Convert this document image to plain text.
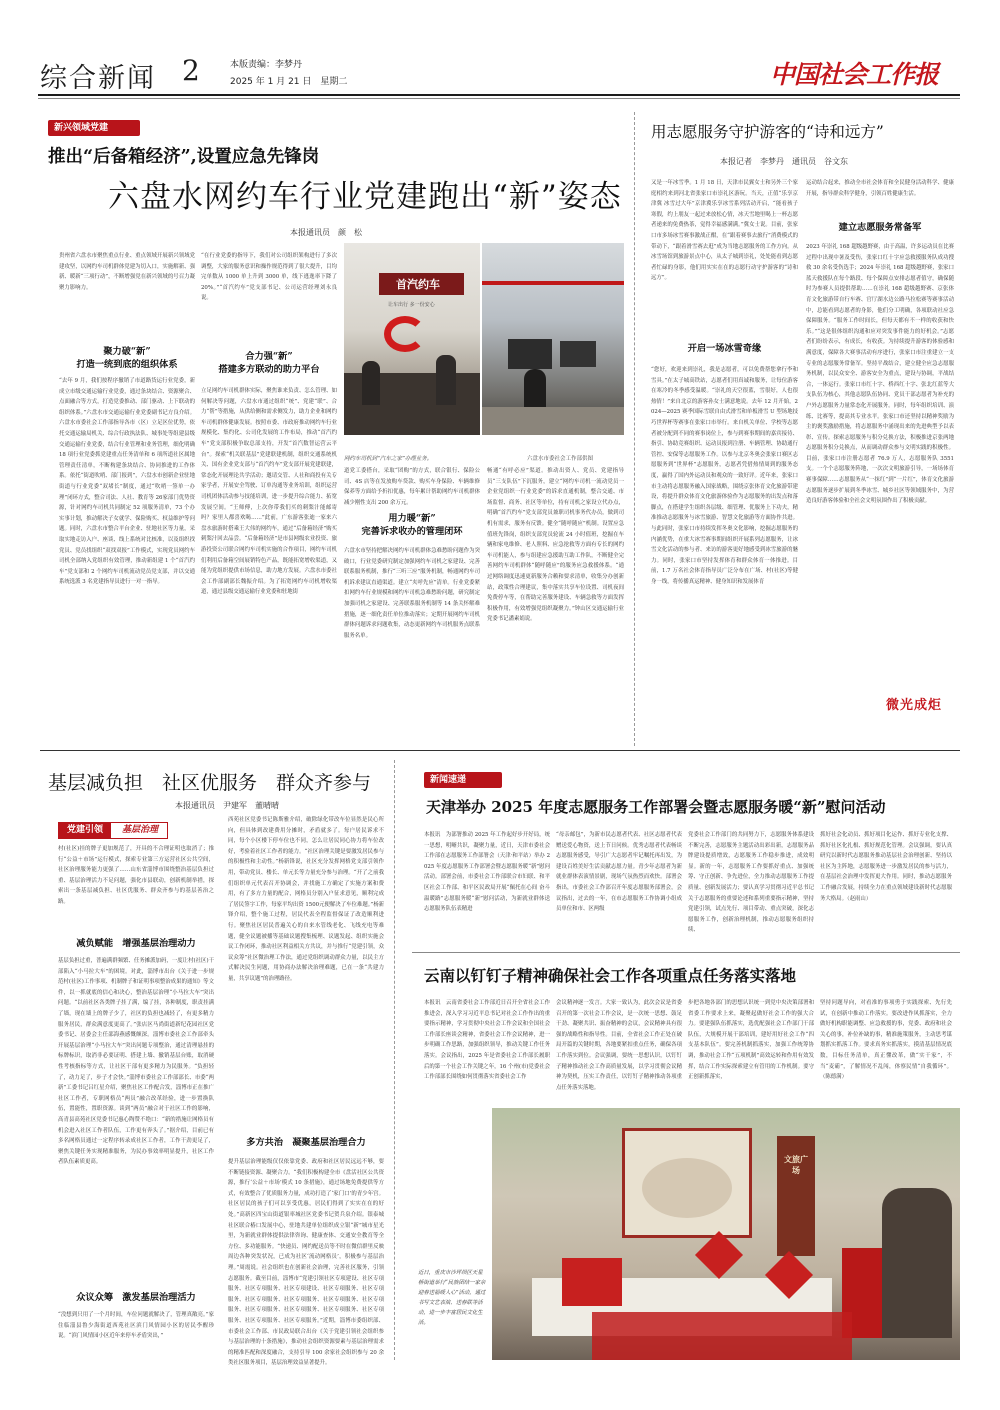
综合新闻 2	本版责编：李梦丹
2025 年 1 月 21 日　星期二	中国社会工作报
新兴领域党建
推出“后备箱经济”,设置应急先锋岗
六盘水网约车行业党建跑出“新”姿态
本报通讯员　颜　松

贵州省六盘水市聚焦重点行业、重点领域开展新兴领域党建攻坚，以网约车司机群体党建为切入口，实施解新、强新、暖新“三项行动”，不断增强党在新兴领域的号召力凝聚力影响力。

聚力破“新”
打造一统到底的组织体系

“去年 9 月，我们按程序撤销了市道路货运行业党委，新成立市级交通运输行业党委，通过条块结合、资源聚合、点面融合等方式，打造党委推动、部门驱动、上下联动的组织体系。”六盘水市交通运输行业党委副书记方良介绍。六盘水市委社会工作部指导各市（区）立足区位优势，依托交通运输局机关、综合行政执法队、城事处等组建县级交通运输行业党委，结合行业管理和业务管理，细化明确 18 项行业党委抓党建重点任务清单和 6 项所道社区属地管理责任清单，不断构建条块结合、协同推进的工作体系。依托“街道吹哨、部门报到”，六盘水市创新企业驻地街道与行业党委“双堵长”制度，通过“吹哨一签单一办理”闭环方式，整合司法、人社、教育等 26家部门优势资源，针对网约车司机共同制定 52 项服务清单，73 个办实事计划，推动解决子女就学、保险购买、权益维护等问题。同时，六盘水市整合平台企业、驻地社区等力量，采取实地走访入户、座谈、线上系统对比核准，以及组织找党员、党员找组织“双找双报”工作模式，实现党员网约车司机全部纳入党组织有效管理，推动新组建 1 个“首汽约车”党支部和 2 个网约车司机流动党员党支部，并以交通系统选派 3 名党建指导员进行一对一指导。

“在行业党委的指导下，我们对公司组织架构进行了多次调整，大家的服务意识和操作规范得到了很大提升，目均完单数从 1000 单上升到 3000 单，线下逃逸率下降了 20%。”“首汽约车”党支部书记、公司运营经理刘永良说。

合力强“新”
搭建多方联动的助力平台

立足网约车司机群体实际，聚焦谁来负责、怎么管理、如何解决等问题，六盘水市通过组织“统”、党建“联”、合力“帮”等措施，从供给侧和需求侧发力，助力企业和网约车司机群体健康发展。按照市委、市政府推动网约车行业规模化、集约化、公司化发展的工作布局，推动“首汽约车”党支部积极争取总部支持，开发“首汽数智运营云平台”。探索“机关联基层”党建联建机制，组织交通系统机关、国有企业党支部与“首汽约车”党支部开展党建联建，常态化开展理论共学活动；邀请交管、人社和商投有关专家学者，开展安全驾驶、订单沟通等业务培训，组织运营司机团体活动参与技能培训，进一步提升综合能力、拓宽发展空间。“王师傅，上次你带我们买的刺梨汁能邮寄吗？家里人都喜欢喝……”此前，广东游客张迪一家来六盘水旅游时搭乘王大伟的网约车，通过“后备箱经济”购买刺梨汁回去品尝。“后备箱经济”是市县网级农业投资、旅游投资公司联合网约车司机实施的合作项目，网约车司机们利用后备箱空间展销特色产品，既能拓宽增收渠道，又能为党组织提供市场信息，助力地方发展。六盘水市委社会工作部副部长魏振介绍。为了拓宽网约车司机增收渠道，通过县级交通运输行业党委和驻地街

首汽约车
让车出行 多一份安心

网约车司机到“汽车之家”办理业务。	六盘水市委社会工作部供图

道党工委搭台，采取“团购”的方式，联合银行、保险公司、4S 店等在发放购车贷款、购买车身保险、车辆维修保养等方面给予折扣优惠，每年累计帮助网约车司机群体减少刚性支出 200 余万元。

用力暖“新”
完善诉求收办的管理闭环

六盘水市坚持把解决网约车司机群体急难愁盼问题作为突破口，行业党委研究制定加强网约车司机之家建设、完善联系服务机制，推行“三听三应”服务机制，畅通网约车司机诉求建议直通渠道。建立“夹呼先应”清单。行业党委紧扣网约车行业规模和网约车司机急难愁盼问题，研究制定加强司机之家建设、完善联系服务机制等 14 条关怀解难措施，逐一细化责任单位推动落实；定期开展网约车司机群体问题诉求问题收集，动态更新网约车司机服务点联系服务名单。

畅通“有呼必应”渠道。推动出资人、党员、党建指导员“三支队伍”下沉服务，建立“网约车司机一流动党员一企业党组织一行业党委”的诉求直通机制，整合交通、市场监督、商务、社区等单位，持有司机之家设立代办点，明确“首汽约车”党支部党员兼职司机事务代办员，做到司机有需求，服务有反馈。健全“随呼随应”机制。设置应急值班先锋岗，组织支部党员轮流 24 小时值班，挖掘在车辆和家电维修、老人照料、应急抢救等方面有专长的网约车司机能人，参与组建应急援助互助工作队，不断健全完善网约车司机群体“随呼随应”的服务应急救援体系。“通过网络调度迅速更新服务合赖和要求清单，收集分办创新站，政策性合理建议，集中落实共享车位设置、司机夜间免费停车等，在帮助完善服务建设、车辆急救等方面发挥积极作用，有效增强党组织凝聚力。”钟山区交通运输行业党委书记潘素娟说。

用志愿服务守护游客的“诗和远方”
本报记者　李梦丹　通讯员　谷文东

又是一年冰雪季。1 月 18 日，天津市民翼女士和另外三个家庭相约来到河北省张家口市崇礼区游玩。当天，正值“乐享京津冀 冰雪过大年”京津冀乐享冰雪系列活动开启，“能看孩子寒假，约上朋友一起过来放松心情，冰天雪地里喝上一杯志愿者递来的免费热茶，觉得幸福感满满。”冀女士说。目前，张家口市多场冰雪赛事激战正酣，在“跟着赛事去旅行”消费模式的带动下，“跟着滑雪赛去逛”成为当地志愿服务的工作方向。从冰雪场馆到旅游景点中心，从太子城到崇礼，处处能看到志愿者忙碌的身影，他们用实实在在的志愿行动守护游客的“诗和远方”。

开启一场冰雪奇缘

“您好，欢迎来到崇礼，我是志愿者，可以免费帮您拿行李和雪具。”在太子城高铁站，志愿者们用真诚和服务，让每位游客在寒冷的冬季感受温暖。“崇礼的天空很蓝，雪很好，人也很热情！”来自北京的游客孙女士满意地说。去年 12 月开始，2024—2025 赛季国际雪联自由式滑雪和单板滑雪 U 型场地技巧世界杯等赛事在张家口市举行。来自机关单位、学校等志愿者被分配到不同的赛事岗位上，参与到赛事期间的嘉宾接待、指引、协助竞赛组织、运动员报到注册、车辆管理、协助通行管控、安保等志愿服务工作。以参与北京冬奥会张家口赛区志愿服务到“世界杯”志愿服务，志愿者凭借热情周到的服务态度，赢得了国内外运动员和观众的一致好评。近年来，张家口市主动将志愿服务融入国家战略，围绕京张体育文化旅游带建设，将提升群众体育文化旅游体验作为志愿服务的出发点和落脚点，在搭建学生组织各层级、细管理、优服务上下功夫，精准推动志愿服务与冰雪旅游、智慧文化旅游等方面协作共进。与此同时，张家口市持续发挥冬奥文化影响，挖掘志愿服务的内涵优势，在重大冰雪赛事期间组织开展系列志愿服务，让冰雪文化活动的参与者、来访的游客更好地感受到冰雪旅游的魅力。同时，张家口市坚持发挥体育和群众体育一体推进。目前，1.7 万名社会体育指导员广泛分布在广场、村(社区)等健身一线，将传播真运精神、健身知识和发展体育

运动结合起来，推动全市社会体育和全民健身活动科学、健康开展，指导群众科学健身，引领百姓健康生活。

建立志愿服务常备军

2023 年崇礼 168 超级越野赛，由于高温，许多运动员在比赛过程中出现中暑及受伤，张家口红十字应急救援服务队成功搜救 30 余名受伤选手；2024 年崇礼 168 超级越野赛，张家口蓝天救援队在每个路段、每个保障点安排志愿者值守，确保随时为参赛人员提供帮助……在崇礼 168 超级越野赛、京张体育文化旅游带自行车赛、官厅湖水边公路马拉松赛等赛事活动中，总能看到志愿者的身影，他们分工明确，各项联动社应急保障服务。“服务工作时间长，但每天都有不一样的收获和快乐。”“这是很体组织沟通和应对突发事件能力的好机会。”志愿者们纷纷表示，有成长，有收获。为持续提升游客的体验感和满意度，保障各大赛事活动有序进行，张家口市注重建立一支专业的志愿服务常备军。坚持平战结合，建立健全应急志愿服务机制，以民众安全、游客安全为重点，建设与协调，平战结合，一体运行。张家口市红十字、桥西红十字、张北红蓝等大支队伍为核心，其他志愿队伍协同、党员干部志愿者为补充的户外志愿服务力量常态化开展服务。同时，每年组织培训、演练、比赛等，提高其专业水平。张家口市还坚持以精神奖励为主的褒奖激励措施，将志愿服务中涌现出来的先进典型予以表彰、宣传。探索志愿服务与积分兑换方法，积极推进京张两地志愿服务积分兑换点，从而调动群众参与文明实践的积极性。目前，张家口市注册志愿者 76.9 万人，志愿服务队 3551 支。一个个志愿服务阵地，一次次文明旅游引导，一场场体育赛事保障……志愿服务从“一抹红”到“一片红”，体育文化旅游志愿服务逐步扩展到冬季冰雪、城乡社区等领域服务中，为营造良好游客体验和全社会文明氛围作出了积极贡献。

微光成炬
基层减负担　社区优服务　群众齐参与
本报通讯员　尹建军　董晴晴
党建引领	基层治理

村(社区)挂的牌子更加规范了，开具的不合理证明也取消了；推行“公益＋市场”运行模式，探索专业第三方运营社区公共空间，社区治理服务能力更强了……山东省淄博市围绕整治基层负担过重、基层治理活力不足问题，强化市县联动，创新机制举措，探索出一条基层减负担、社区优服务、群众齐参与的基层善治之路。

减负赋能　增强基层治理动力

基层负担过重，普遍满群频繁、任务摊派加码，一度让村(社区)干部陷入“小马拉大车”的困境。对此，淄博市出台《关于进一步规范村(社区)工作事项、机制牌子和证明事项整治成果的通知》等文件，以一抓就底的信心和决心，整治基层治理“小马拉大车”突出问题。“以前社区各类牌子挂了满，编了挂，各种制度，职责挂满了墙，现在墙上的牌子少了，社区的负担也减轻了，有更多精力服务居民，群众满意度更高了。”张店区马尚街道新纪花园社区党委书记、居委会主任邵海燕感慨颇深。淄博市委社会工作部牵头开展基层治理“小马拉大车”突出问题专项整治，通过清理悬挂的标牌标识，取消非必要证明、搭建上墙、撤销基层台账，取消硬性考核指标等方式，让社区干部有更多精力为民服务。“负担轻了，动力足了，步子才会快。”淄博市委社会工作部部长、市委“两新”工委书记吕红星介绍，聚焦社区工作配合发，淄博市正在推广社区工作者，专职网格员“两员”融合改革经验，进一步置换队伍，置能性，置职资源。谈到“两员”融合对于社区工作的影响，高青县高苑社区党委书记惠心陶赞不绝口：“新的措施让网格员有机会进入社区工作者队伍，工作更有奔头了。”据介绍，目前已有多名网格员通过一定程序转录成社区工作者，工作干劲更足了，聚焦关键任务实现精准服务，为民办事效率明显提升，社区工作者队伍素质更高。

众议众筹　激发基层治理活力

“没想到只用了一个月时间，车位问题就解决了，管理真敞亮。”家住临淄县鲁少海街道西苑社区滨门风情园小区的居民李醒珍说。“滨门风情园小区近年来停车矛盾突出，”

西苑社区党委书记陈斯雅介绍，破除绿化带改车位显然是民心所向，但具体到改建费用分摊时，矛盾就多了。每户居民诉求不同，每个小区楼下停车位也不同，怎么让居民同心协力将车位改好，考验着社区工作者的能力。“社区治理关键是要激发居民参与的积极性和主动性。”杨新锋说，社区充分发挥网格党支部引领作用，带动党员、楼长、单元长等力量充分参与治理。“开了之前我们组织单元代表召开协调会，并找施工方确定了实施方案和费用，有了多方力量的配合，网格员分别入户征求意见，顺利完成了居民签字工作，每家平均出资 1500元便解决了车位难题。”杨新锋介绍，整个施工过程，居民代表全程监督保证了改造顺利进行。聚焦社区居民普遍关心的自来水管线老化、飞线充电等难题，健全议题被播等基础议题搜集梳理、议题发起、组织实施会议工作闭环，推动社区利益相关方共议，并与推行“党建引领，众议众筹”社区微治理工作法，通过党组织调动群众力量，以民主方式解决民生问题，用协商办法解决治理难题，已在一条“共建力量，共享议题”的治理路径。

多方共治　凝聚基层治理合力

提升基层治理能级仅仅依靠党委、政府和社区居民远远不够，要不断链接资源、凝聚合力。“我们积极构建全市《盘活社区公共资源，推行‘公益＋市场’模式 10 条措施》，通过场地免费提供等方式，有效整合了优质服务力量，成功打造了‘家门口’的青少年宫。社区居民的孩子们可以享受优惠，居民们得到了实实在在的好处。”高新区四宝山街道银率城社区党委书记贺兵泉介绍。银泰城社区联合椿口发展中心，驻地共建单位组织成立银“新”城市星光里，为新就业群体提供法律咨询、健康查体、交通安全教育等全方位、多功能服务。“快递员、网约配送员等不时在微信群里反映周边各种突发状况，已成为社区‘流动网格员’，积极参与基层治理。”周霞说。社会组织也在创新社会治理，完善社区服务，引领志愿服务。截至目前，淄博市“党建引领社区专项建设、社区专项服务、社区专项服务、社区专项建设、社区专项服务、社区专项服务、社区专项服务、社区专项服务、社区专项服务、社区专项服务、社区专项服务、社区专项服务、社区专项服务、社区专项服务、社区专项服务、社区专项服务。”近期，淄博市委组织部、市委社会工作部、市民政局联合出台《关于党建引领社会组织参与基层治理的十条措施》，推动社会组织资源要素与基层治理需求的精准匹配和深度融合，支持引导 100 余家社会组织参与 20 余类社区服务项目，基层治理效益显著提升。

新闻速递
天津举办 2025 年度志愿服务工作部署会暨志愿服务暖“新”慰问活动

本报讯　为部署推动 2025 年工作起好步开好局，统一思想，明晰共识，凝聚力量，近日，天津市委社会工作部在志愿服务工作部署会（天津·和平站）举办 2025 年度志愿服务工作部署会暨志愿服务暖“新”慰问活动。部署会前，市委社会工作部联合市妇联、和平区社会工作部、和平区民政局开展“佩托在心间 奋斗温暖路”志愿服务暖“新”慰问活动，为新就业群体送志愿服务队伍表精进

“母亲邮包”，为新市民志愿者代表、社区志愿者代表赠送爱心物资，送上节日问候。优秀志愿者代表畅谈志愿服务感受，导引广大志愿者牢记嘱托再出发，为建设百姓美好生活贡献志愿力量。青少年志愿者为新就业群体表演情景剧，现场气氛热烈而欢快。部署会指出，市委社会工作部召开年度志愿服务部署会，会议指出，过去的一年，在市志愿服务工作协调小组成员单位和市、区两级

党委社会工作部门的共同努力下，志愿服务体系建设不断完善，志愿服务主题活动出彩出新，志愿服务品牌建设提质增效，志愿服务工作稳步推进，成效明显。新的一年，志愿服务工作要抓好重点、加强统筹、守正创新、争先进位，全力推动志愿服务工作提质量、创新发展活力；要认真学习贯彻习近平总书记关于志愿服务的重要论述和系列重要指示精神，坚持党建引领，试点先行、项目带动、重点突破，深化志愿服务工作，创新治理机制，推动志愿服务组织持续、

抓好社会化动员、抓好项目化运作、抓好专业化支撑、抓好社区化扎根、抓好规范化管理。会议强调，要认真研究以新时代志愿服务推动基层社会治理创新、坚持以社区为主阵地，志愿服务进一步激发居民的参与活力，在基层社会治理中发挥更大作用。同时，推动志愿服务工作融合发展，持续全力在重点领域建设新时代志愿服务大格局。（赵雨山）

云南以钉钉子精神确保社会工作各项重点任务落实落地

本报讯　云南省委社会工作部近日召开全省社会工作推进会，深入学习习近平总书记对社会工作作出的重要指示精神，学习贯彻中央社会工作会议和全国社会工作部长座谈会精神，省委社会工作会议精神，进一步明确工作思路，加强组织领导，推动关键工作任务落实。会议指出，2025 年是省委社会工作部长履职后的第一个社会工作关键之年，16 个州(市)党委社会工作部部长围绕如何贯彻落实省委社会工作

会议精神逐一发言。大家一致认为，此次会议是省委召开的第一次社会工作会议，是一次统一思想、鼓足干劲、凝聚共识、振奋精神的会议，会议精神具有很强的战略性和指导性。目前，全省社会工作正处在破局开篇的关键时期，各地要紧扣重点任务，确保各项工作落实到位。会议强调，要统一思想认识，以钉钉子精神推动社会工作高质量发展，以学习贯彻会议精神为契机，压实工作责任，以钉钉子精神推动各项重点任务落实落地。

步把各地各部门的思想认识统一到党中央决策部署和省委工作要求上来，凝聚起做好社会工作的强大合力。要建强队伍抓落实，选优配强社会工作部门干部队伍，大规模开展干部培训，建好用好社会工作“四支基本队伍”。要完善机制抓落实，加强工作统筹协调，推动社会工作“五项机制”高效运转和作用有效发挥，结合工作实际探索建立有管用的工作机制。要守正创新抓落实，

坚持问题导向，对看准的事项勇于实践探索、先行先试，在创新中推动工作落实。要改进作风抓落实，全力做好机构职能调整、应急救援的事，党委、政府和社会关心的事，补位补缺的事，精准施策服务，主动思考谋划抓实抓落工作。要求真务实抓落实，摸清基层情况底数，目标任务清单，真正懂改革，做“实干家”，不当“麦霸”，了解情况不乱闯，体察民情“自我循环”。（陈德满）

文旅广场

近日，重庆市沙坪坝区天星桥街道举行“民族团结一家亲 迎春送福暖人心”活动，通过书写文艺表演、送春联等活动，进一步丰富居民文化生活。
